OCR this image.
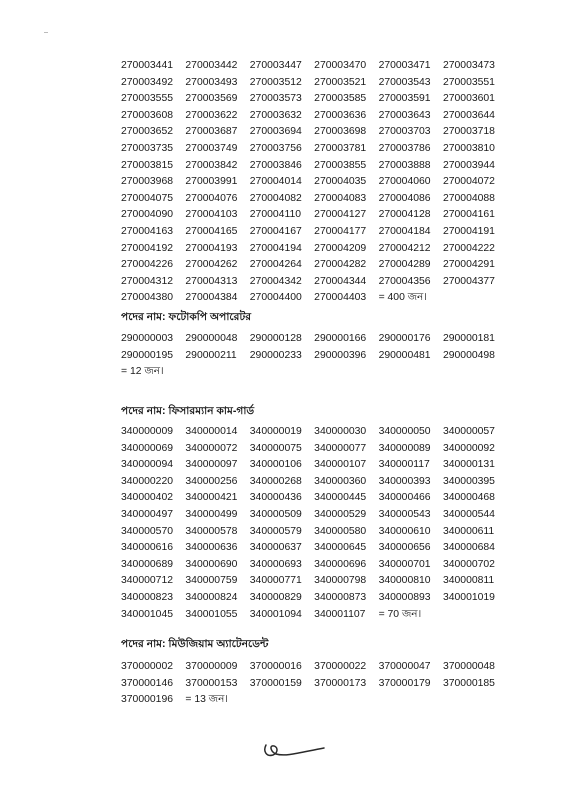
270003441	270003442	270003447	270003470	270003471	270003473
270003492	270003493	270003512	270003521	270003543	270003551
270003555	270003569	270003573	270003585	270003591	270003601
270003608	270003622	270003632	270003636	270003643	270003644
270003652	270003687	270003694	270003698	270003703	270003718
270003735	270003749	270003756	270003781	270003786	270003810
270003815	270003842	270003846	270003855	270003888	270003944
270003968	270003991	270004014	270004035	270004060	270004072
270004075	270004076	270004082	270004083	270004086	270004088
270004090	270004103	270004110	270004127	270004128	270004161
270004163	270004165	270004167	270004177	270004184	270004191
270004192	270004193	270004194	270004209	270004212	270004222
270004226	270004262	270004264	270004282	270004289	270004291
270004312	270004313	270004342	270004344	270004356	270004377
270004380	270004384	270004400	270004403	= 400 জন।
পদের নাম: ফটোকপি অপারেটর
290000003	290000048	290000128	290000166	290000176	290000181
290000195	290000211	290000233	290000396	290000481	290000498
= 12 জন।
পদের নাম: ফিসারম্যান কাম-গার্ড
340000009	340000014	340000019	340000030	340000050	340000057
340000069	340000072	340000075	340000077	340000089	340000092
340000094	340000097	340000106	340000107	340000117	340000131
340000220	340000256	340000268	340000360	340000393	340000395
340000402	340000421	340000436	340000445	340000466	340000468
340000497	340000499	340000509	340000529	340000543	340000544
340000570	340000578	340000579	340000580	340000610	340000611
340000616	340000636	340000637	340000645	340000656	340000684
340000689	340000690	340000693	340000696	340000701	340000702
340000712	340000759	340000771	340000798	340000810	340000811
340000823	340000824	340000829	340000873	340000893	340001019
340001045	340001055	340001094	340001107	= 70 জন।
পদের নাম: মিউজিয়াম অ্যাটেনডেন্ট
370000002	370000009	370000016	370000022	370000047	370000048
370000146	370000153	370000159	370000173	370000179	370000185
370000196	= 13 জন।
